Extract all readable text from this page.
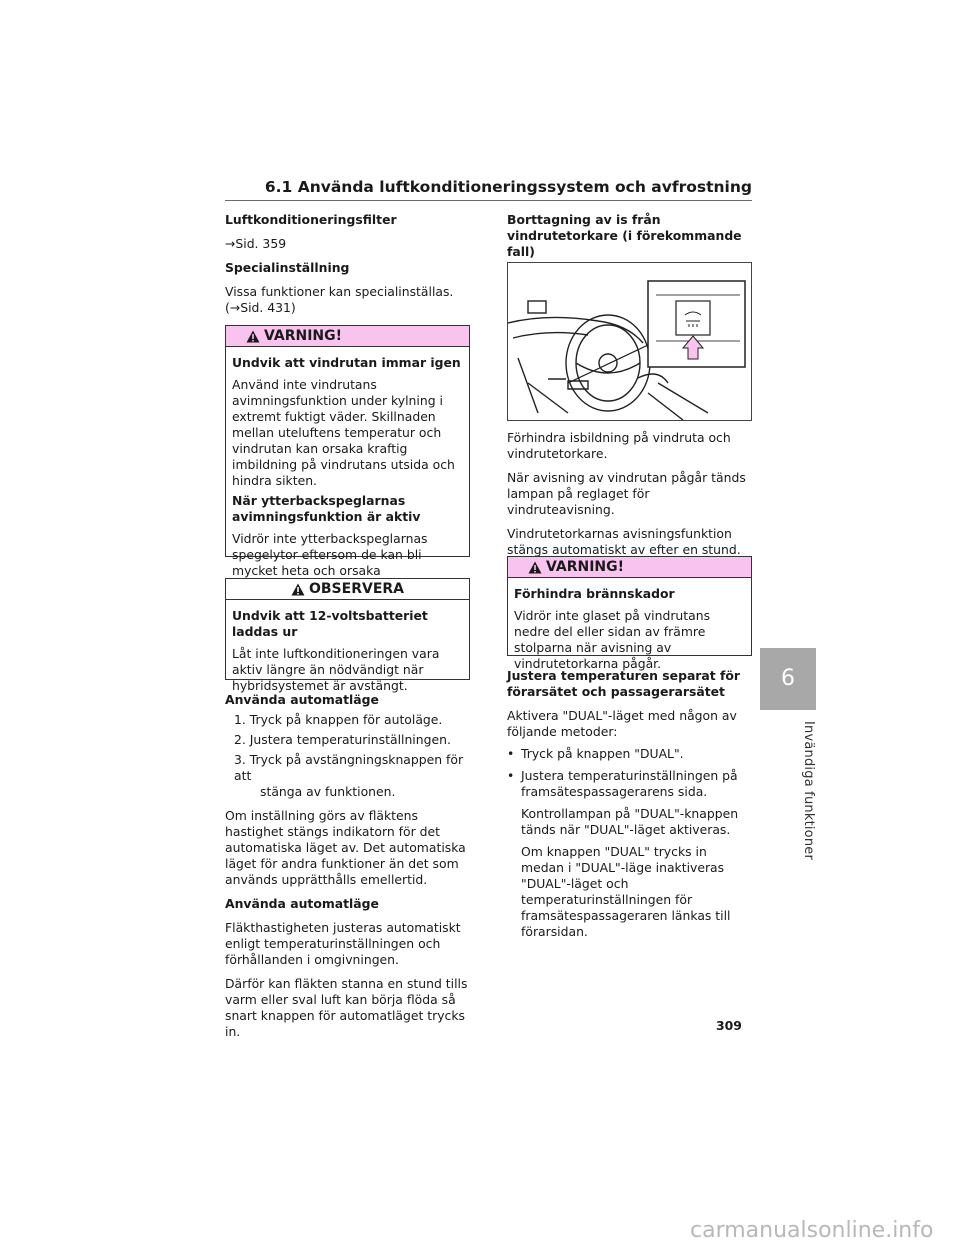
6.1 Använda luftkonditioneringssystem och avfrostning

Luftkonditioneringsfilter

→Sid. 359

Specialinställning

Vissa funktioner kan specialinställas.

(→Sid. 431)

VARNING!

Undvik att vindrutan immar igen

Använd inte vindrutans avimningsfunktion under kylning i extremt fuktigt väder. Skillnaden mellan uteluftens temperatur och vindrutan kan orsaka kraftig imbildning på vindrutans utsida och hindra sikten.

När ytterbackspeglarnas

avimningsfunktion är aktiv

Vidrör inte ytterbackspeglarnas spegelytor eftersom de kan bli mycket heta och orsaka

OBSERVERA

Undvik att 12-voltsbatteriet laddas ur

Låt inte luftkonditioneringen vara aktiv längre än nödvändigt när hybridsystemet är avstängt.

Använda automatläge

1. Tryck på knappen för autoläge.

2. Justera temperaturinställningen.

3. Tryck på avstängningsknappen för att

stänga av funktionen.

Om inställning görs av fläktens hastighet stängs indikatorn för det automatiska läget av. Det automatiska läget för andra funktioner än det som används upprätthålls emellertid.

Använda automatläge

Fläkthastigheten justeras automatiskt enligt temperaturinställningen och förhållanden i omgivningen.

Därför kan fläkten stanna en stund tills varm eller sval luft kan börja flöda så snart knappen för automatläget trycks in.

Borttagning av is från vindrutetorkare (i förekommande fall)

Förhindra isbildning på vindruta och vindrutetorkare.

När avisning av vindrutan pågår tänds lampan på reglaget för vindruteavisning.

Vindrutetorkarnas avisningsfunktion stängs automatiskt av efter en stund.

VARNING!

Förhindra brännskador

Vidrör inte glaset på vindrutans nedre del eller sidan av främre stolparna när avisning av vindrutetorkarna pågår.

Justera temperaturen separat för förarsätet och passagerarsätet

Aktivera "DUAL"-läget med någon av följande metoder:

• Tryck på knappen "DUAL".
• Justera temperaturinställningen på framsätespassagerarens sida.

Kontrollampan på "DUAL"-knappen tänds när "DUAL"-läget aktiveras.

Om knappen "DUAL" trycks in medan i "DUAL"-läge inaktiveras "DUAL"-läget och temperaturinställningen för framsätespassageraren länkas till förarsidan.

6
Invändiga funktioner
309
carmanualsonline.info
